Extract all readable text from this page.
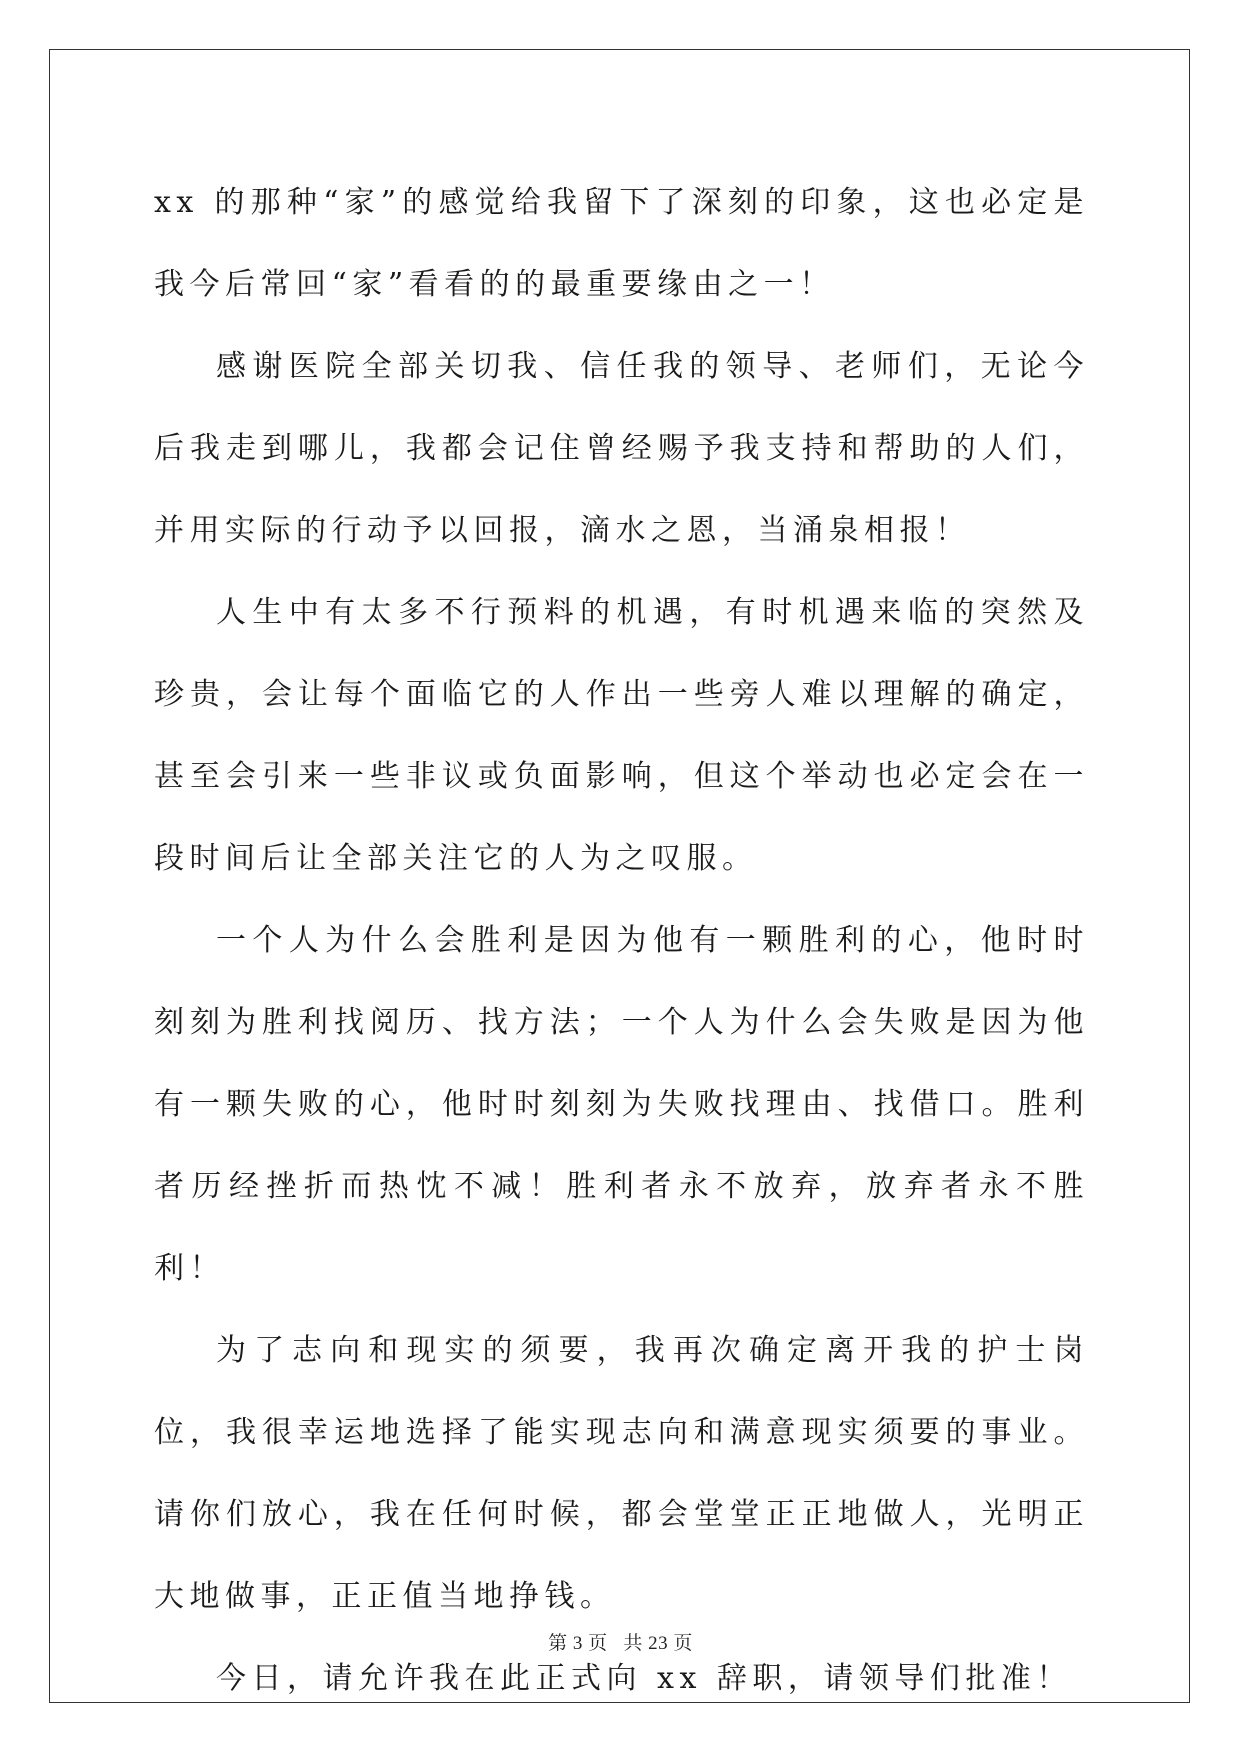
xx 的那种“家”的感觉给我留下了深刻的印象，这也必定是我今后常回“家”看看的的最重要缘由之一！

感谢医院全部关切我、信任我的领导、老师们，无论今后我走到哪儿，我都会记住曾经赐予我支持和帮助的人们，并用实际的行动予以回报，滴水之恩，当涌泉相报！

人生中有太多不行预料的机遇，有时机遇来临的突然及珍贵，会让每个面临它的人作出一些旁人难以理解的确定，甚至会引来一些非议或负面影响，但这个举动也必定会在一段时间后让全部关注它的人为之叹服。

一个人为什么会胜利是因为他有一颗胜利的心，他时时刻刻为胜利找阅历、找方法；一个人为什么会失败是因为他有一颗失败的心，他时时刻刻为失败找理由、找借口。胜利者历经挫折而热忱不减！胜利者永不放弃，放弃者永不胜利！

为了志向和现实的须要，我再次确定离开我的护士岗位，我很幸运地选择了能实现志向和满意现实须要的事业。请你们放心，我在任何时候，都会堂堂正正地做人，光明正大地做事，正正值当地挣钱。

今日，请允许我在此正式向 xx 辞职，请领导们批准！

第 3 页 共 23 页
